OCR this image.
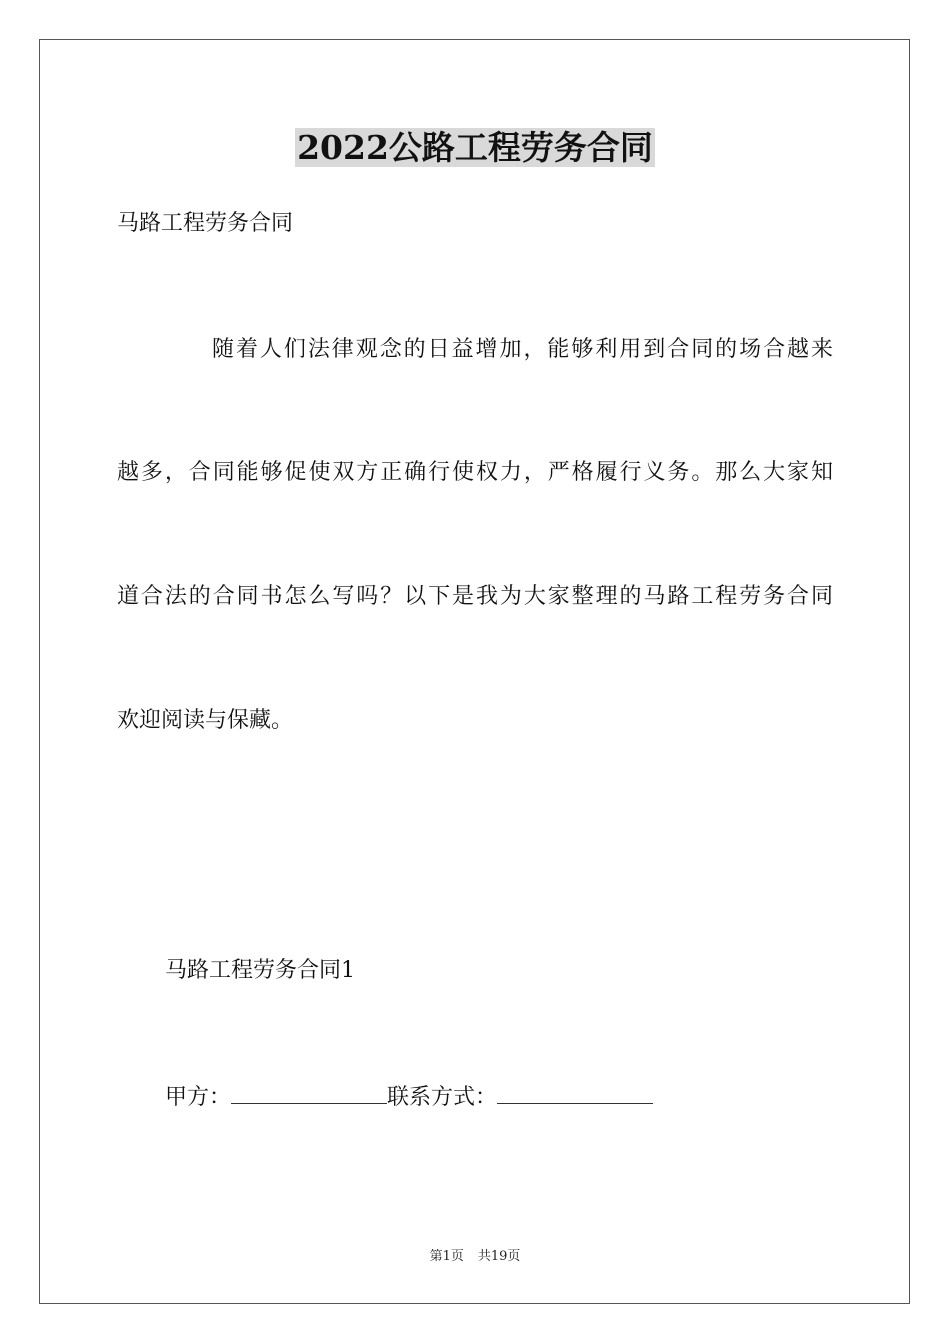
2022公路工程劳务合同
马路工程劳务合同
随着人们法律观念的日益增加，能够利用到合同的场合越来
越多，合同能够促使双方正确行使权力，严格履行义务。那么大家知
道合法的合同书怎么写吗？以下是我为大家整理的马路工程劳务合同
欢迎阅读与保藏。
马路工程劳务合同1
甲方：	联系方式：
第1页 共19页
